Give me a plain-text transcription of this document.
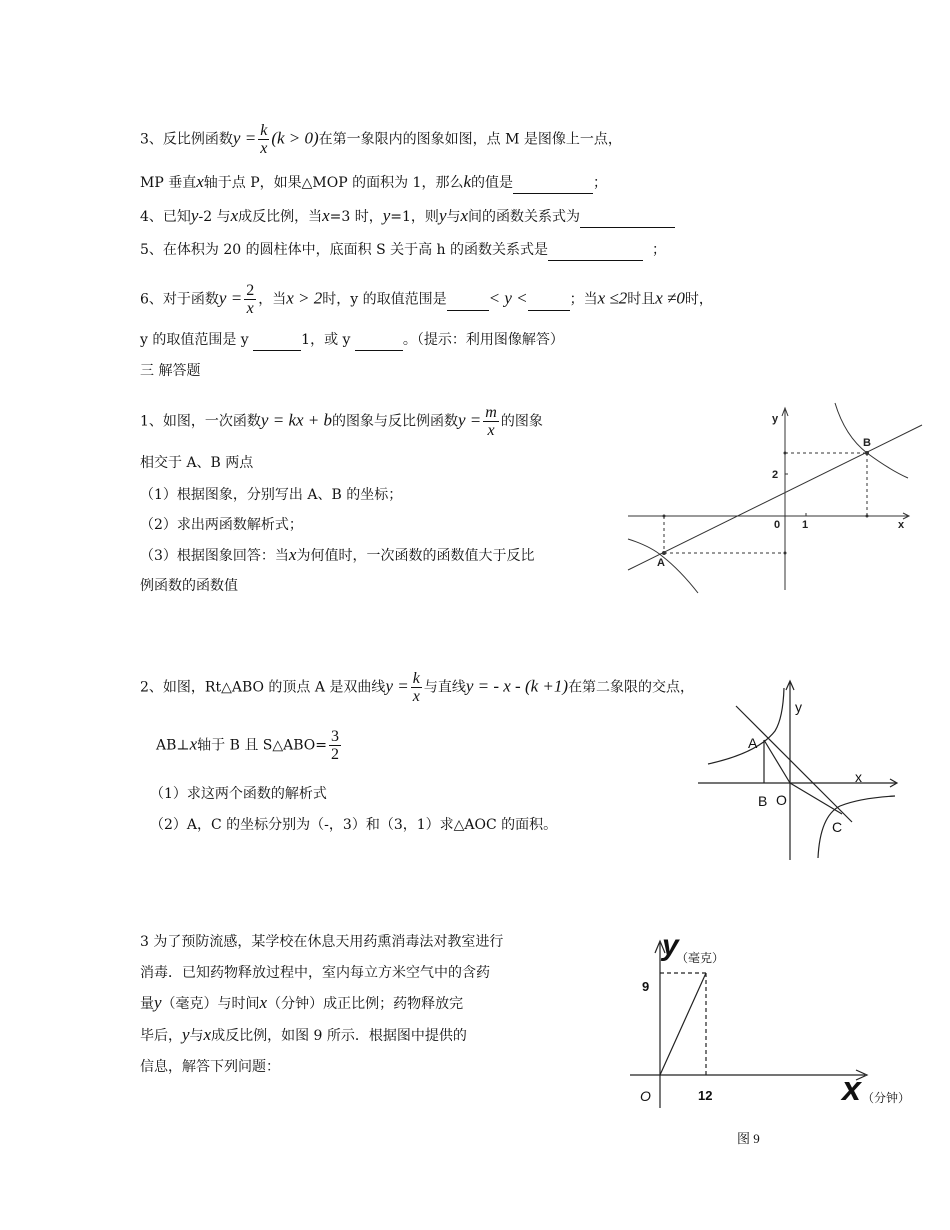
3、反比例函数$y = \frac{k}{x} (k > 0)$在第一象限内的图象如图，点 M 是图像上一点，
MP 垂直x轴于点 P，如果△MOP 的面积为 1，那么k的值是	；
4、已知y-2 与x成反比例，当x=3 时，y=1，则y与x间的函数关系式为
5、在体积为 20 的圆柱体中，底面积 S 关于高 h 的函数关系式是	；
6、对于函数$y = \frac{2}{x}$ ，当x > 2时，y 的取值范围是 < y <	；当x ≤2时且x ≠0时，
y 的取值范围是 y	1，或 y	。（提示：利用图像解答）
三 解答题
1、如图，一次函数y = kx + b的图象与反比例函数$y = \frac{m}{x}$ 的图象
相交于 A、B 两点
（1）根据图象，分别写出 A、B 的坐标；
（2）求出两函数解析式；
（3）根据图象回答：当x为何值时，一次函数的函数值大于反比
例函数的函数值
y
x
0 1
2
B
A
2、如图，Rt△ABO 的顶点 A 是双曲线$y = \frac{k}{x}$ 与直线y = - x - (k +1)在第二象限的交点，
AB⊥x轴于 B 且 S△ABO= $\frac{3}{2}$
（1）求这两个函数的解析式
（2）A，C 的坐标分别为（-，3）和（3，1）求△AOC 的面积。
y
x
A
B O
C
3 为了预防流感，某学校在休息天用药熏消毒法对教室进行
消毒．已知药物释放过程中，室内每立方米空气中的含药
量y（毫克）与时间x（分钟）成正比例；药物释放完
毕后，y与x成反比例，如图 9 所示．根据图中提供的
信息，解答下列问题：
y
（毫克）
9
O	12	x （分钟）
图 9
